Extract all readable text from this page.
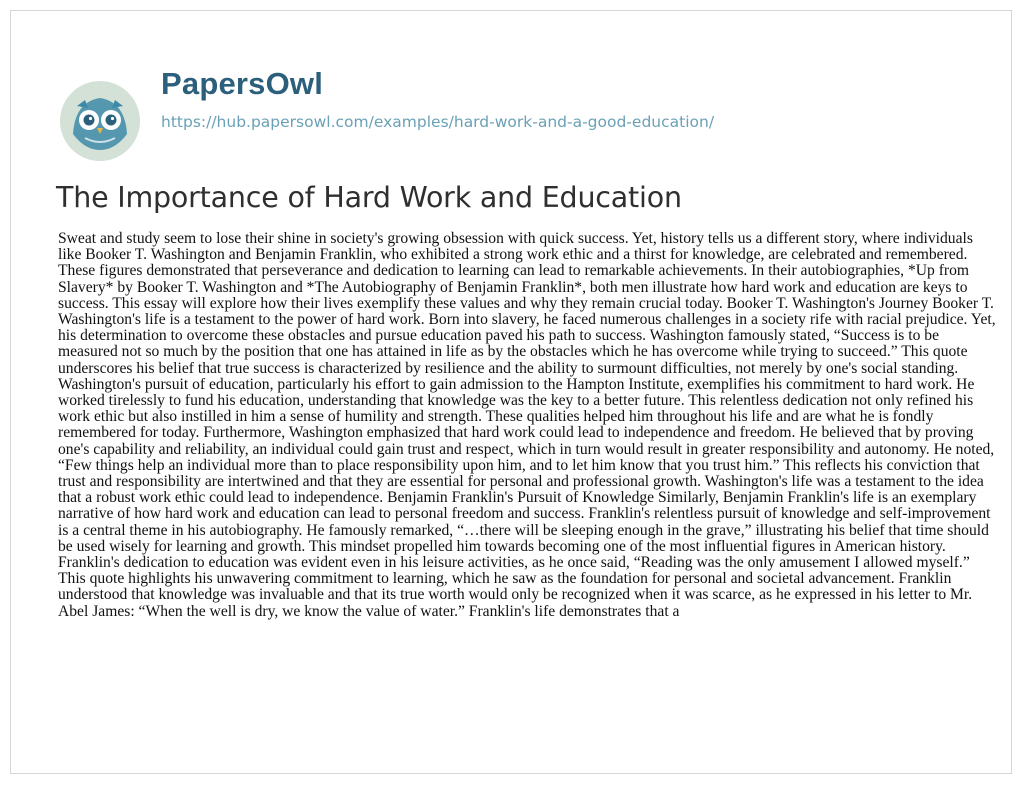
PapersOwl
https://hub.papersowl.com/examples/hard-work-and-a-good-education/
The Importance of Hard Work and Education

Sweat and study seem to lose their shine in society's growing obsession with quick success. Yet, history tells us a different story, where individuals like Booker T. Washington and Benjamin Franklin, who exhibited a strong work ethic and a thirst for knowledge, are celebrated and remembered. These figures demonstrated that perseverance and dedication to learning can lead to remarkable achievements. In their autobiographies, *Up from Slavery* by Booker T. Washington and *The Autobiography of Benjamin Franklin*, both men illustrate how hard work and education are keys to success. This essay will explore how their lives exemplify these values and why they remain crucial today. Booker T. Washington's Journey Booker T. Washington's life is a testament to the power of hard work. Born into slavery, he faced numerous challenges in a society rife with racial prejudice. Yet, his determination to overcome these obstacles and pursue education paved his path to success. Washington famously stated, “Success is to be measured not so much by the position that one has attained in life as by the obstacles which he has overcome while trying to succeed.” This quote underscores his belief that true success is characterized by resilience and the ability to surmount difficulties, not merely by one's social standing. Washington's pursuit of education, particularly his effort to gain admission to the Hampton Institute, exemplifies his commitment to hard work. He worked tirelessly to fund his education, understanding that knowledge was the key to a better future. This relentless dedication not only refined his work ethic but also instilled in him a sense of humility and strength. These qualities helped him throughout his life and are what he is fondly remembered for today. Furthermore, Washington emphasized that hard work could lead to independence and freedom. He believed that by proving one's capability and reliability, an individual could gain trust and respect, which in turn would result in greater responsibility and autonomy. He noted, “Few things help an individual more than to place responsibility upon him, and to let him know that you trust him.” This reflects his conviction that trust and responsibility are intertwined and that they are essential for personal and professional growth. Washington's life was a testament to the idea that a robust work ethic could lead to independence. Benjamin Franklin's Pursuit of Knowledge Similarly, Benjamin Franklin's life is an exemplary narrative of how hard work and education can lead to personal freedom and success. Franklin's relentless pursuit of knowledge and self-improvement is a central theme in his autobiography. He famously remarked, “…there will be sleeping enough in the grave,” illustrating his belief that time should be used wisely for learning and growth. This mindset propelled him towards becoming one of the most influential figures in American history. Franklin's dedication to education was evident even in his leisure activities, as he once said, “Reading was the only amusement I allowed myself.” This quote highlights his unwavering commitment to learning, which he saw as the foundation for personal and societal advancement. Franklin understood that knowledge was invaluable and that its true worth would only be recognized when it was scarce, as he expressed in his letter to Mr. Abel James: “When the well is dry, we know the value of water.” Franklin's life demonstrates that a
